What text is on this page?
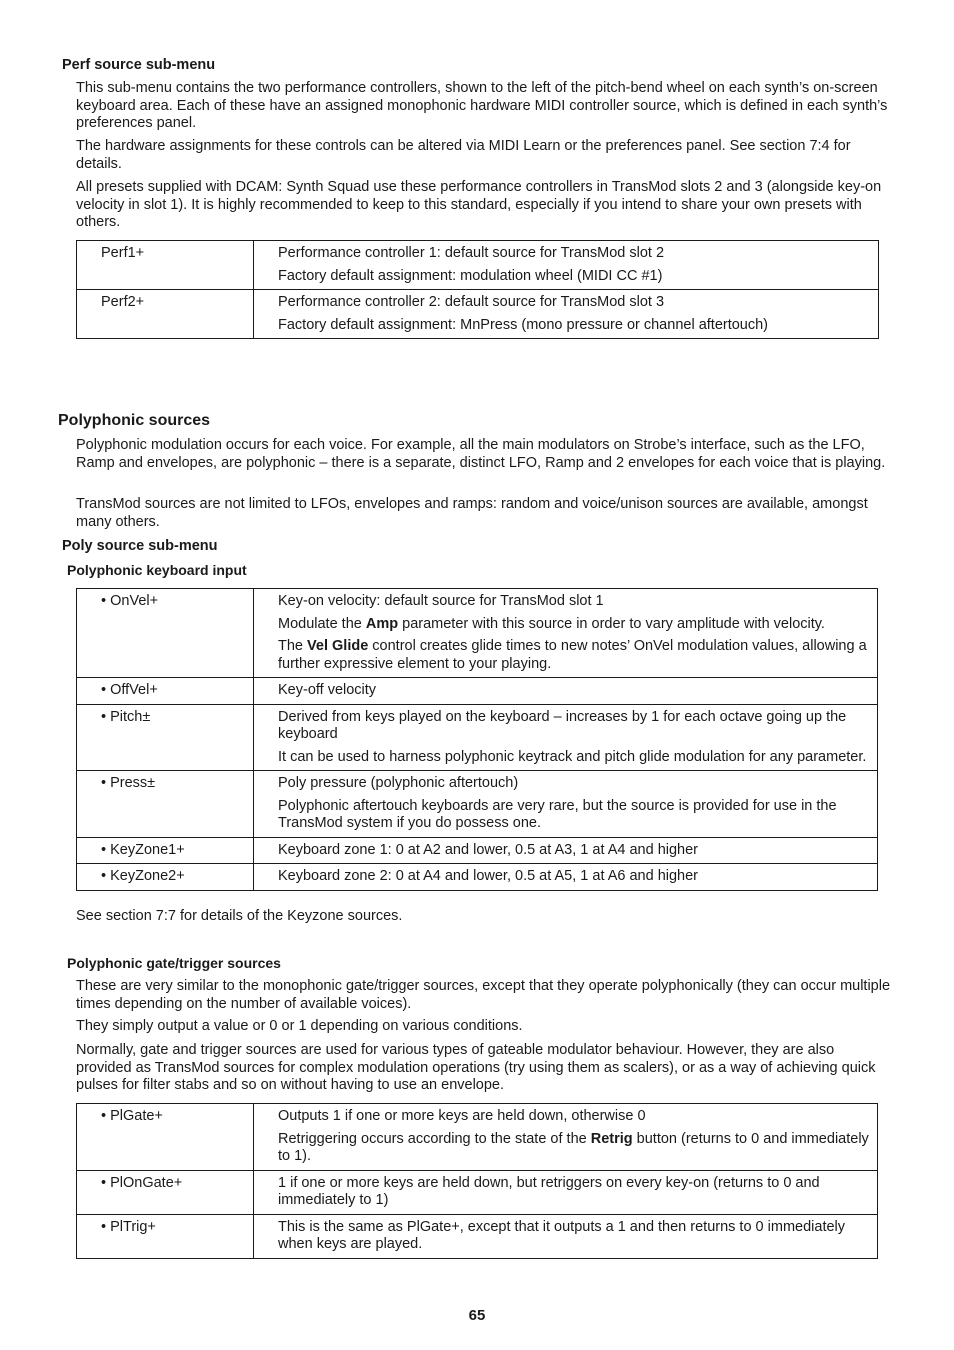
Perf source sub-menu

This sub-menu contains the two performance controllers, shown to the left of the pitch-bend wheel on each synth’s on-screen keyboard area. Each of these have an assigned monophonic hardware MIDI controller source, which is defined in each synth’s preferences panel.

The hardware assignments for these controls can be altered via MIDI Learn or the preferences panel. See section 7:4 for details.

All presets supplied with DCAM: Synth Squad use these performance controllers in TransMod slots 2 and 3 (alongside key-on velocity in slot 1). It is highly recommended to keep to this standard, especially if you intend to share your own presets with others.

Perf1+	Performance controller 1: default source for TransMod slot 2
Factory default assignment: modulation wheel (MIDI CC #1)

Perf2+	Performance controller 2: default source for TransMod slot 3
Factory default assignment: MnPress (mono pressure or channel aftertouch)
Polyphonic sources

Polyphonic modulation occurs for each voice. For example, all the main modulators on Strobe’s interface, such as the LFO, Ramp and envelopes, are polyphonic – there is a separate, distinct LFO, Ramp and 2 envelopes for each voice that is playing.

TransMod sources are not limited to LFOs, envelopes and ramps: random and voice/unison sources are available, amongst many others.

Poly source sub-menu
Polyphonic keyboard input
• OnVel+	Key-on velocity: default source for TransMod slot 1
Modulate the Amp parameter with this source in order to vary amplitude with velocity.
The Vel Glide control creates glide times to new notes’ OnVel modulation values, allowing a further expressive element to your playing.

• OffVel+	Key-off velocity

• Pitch±	Derived from keys played on the keyboard – increases by 1 for each octave going up the keyboard
It can be used to harness polyphonic keytrack and pitch glide modulation for any parameter.

• Press±	Poly pressure (polyphonic aftertouch)
Polyphonic aftertouch keyboards are very rare, but the source is provided for use in the TransMod system if you do possess one.

• KeyZone1+	Keyboard zone 1: 0 at A2 and lower, 0.5 at A3, 1 at A4 and higher

• KeyZone2+	Keyboard zone 2: 0 at A4 and lower, 0.5 at A5, 1 at A6 and higher

See section 7:7 for details of the Keyzone sources.

Polyphonic gate/trigger sources

These are very similar to the monophonic gate/trigger sources, except that they operate polyphonically (they can occur multiple times depending on the number of available voices).

They simply output a value or 0 or 1 depending on various conditions.

Normally, gate and trigger sources are used for various types of gateable modulator behaviour. However, they are also provided as TransMod sources for complex modulation operations (try using them as scalers), or as a way of achieving quick pulses for filter stabs and so on without having to use an envelope.

• PlGate+	Outputs 1 if one or more keys are held down, otherwise 0
Retriggering occurs according to the state of the Retrig button (returns to 0 and immediately to 1).

• PlOnGate+	1 if one or more keys are held down, but retriggers on every key-on (returns to 0 and immediately to 1)

• PlTrig+	This is the same as PlGate+, except that it outputs a 1 and then returns to 0 immediately when keys are played.
65
